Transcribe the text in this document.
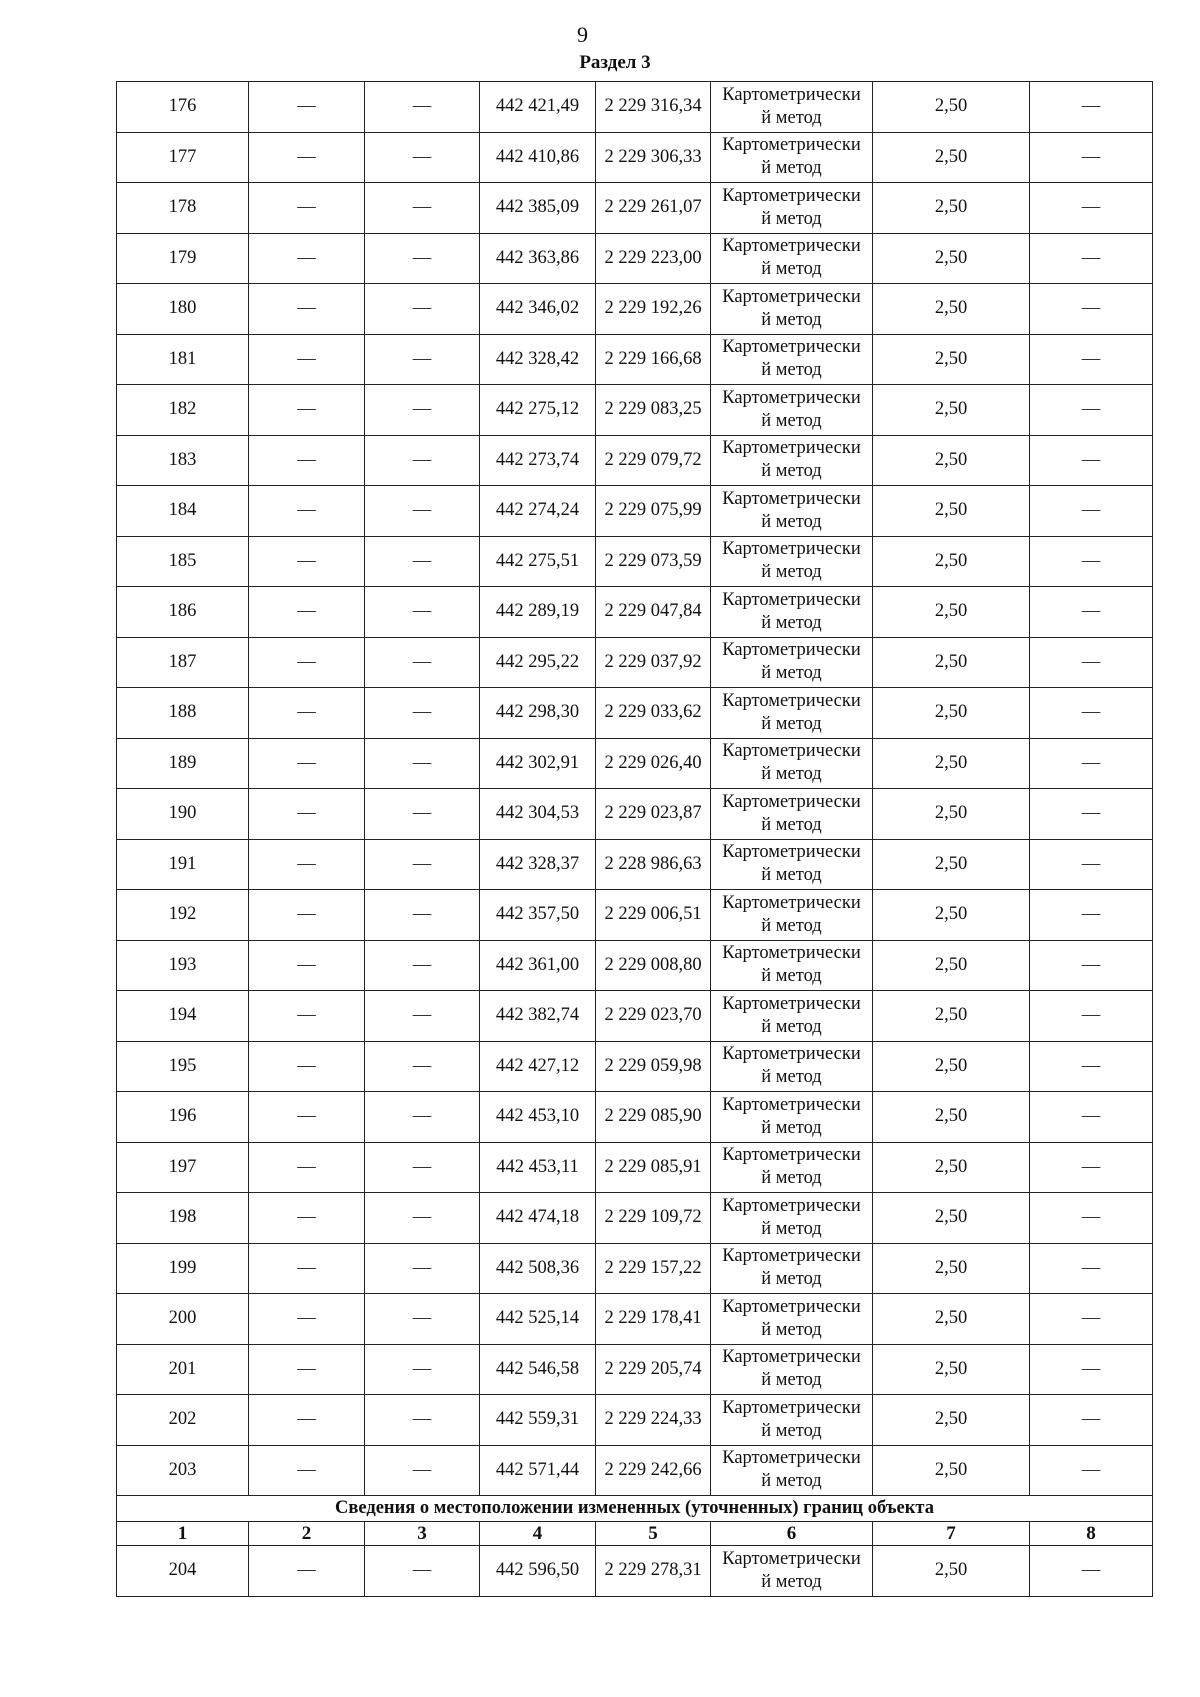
9
Раздел 3
176	—	—	442 421,49	2 229 316,34	Картометрически
й метод	2,50	—
177	—	—	442 410,86	2 229 306,33	Картометрически
й метод	2,50	—
178	—	—	442 385,09	2 229 261,07	Картометрически
й метод	2,50	—
179	—	—	442 363,86	2 229 223,00	Картометрически
й метод	2,50	—
180	—	—	442 346,02	2 229 192,26	Картометрически
й метод	2,50	—
181	—	—	442 328,42	2 229 166,68	Картометрически
й метод	2,50	—
182	—	—	442 275,12	2 229 083,25	Картометрически
й метод	2,50	—
183	—	—	442 273,74	2 229 079,72	Картометрически
й метод	2,50	—
184	—	—	442 274,24	2 229 075,99	Картометрически
й метод	2,50	—
185	—	—	442 275,51	2 229 073,59	Картометрически
й метод	2,50	—
186	—	—	442 289,19	2 229 047,84	Картометрически
й метод	2,50	—
187	—	—	442 295,22	2 229 037,92	Картометрически
й метод	2,50	—
188	—	—	442 298,30	2 229 033,62	Картометрически
й метод	2,50	—
189	—	—	442 302,91	2 229 026,40	Картометрически
й метод	2,50	—
190	—	—	442 304,53	2 229 023,87	Картометрически
й метод	2,50	—
191	—	—	442 328,37	2 228 986,63	Картометрически
й метод	2,50	—
192	—	—	442 357,50	2 229 006,51	Картометрически
й метод	2,50	—
193	—	—	442 361,00	2 229 008,80	Картометрически
й метод	2,50	—
194	—	—	442 382,74	2 229 023,70	Картометрически
й метод	2,50	—
195	—	—	442 427,12	2 229 059,98	Картометрически
й метод	2,50	—
196	—	—	442 453,10	2 229 085,90	Картометрически
й метод	2,50	—
197	—	—	442 453,11	2 229 085,91	Картометрически
й метод	2,50	—
198	—	—	442 474,18	2 229 109,72	Картометрически
й метод	2,50	—
199	—	—	442 508,36	2 229 157,22	Картометрически
й метод	2,50	—
200	—	—	442 525,14	2 229 178,41	Картометрически
й метод	2,50	—
201	—	—	442 546,58	2 229 205,74	Картометрически
й метод	2,50	—
202	—	—	442 559,31	2 229 224,33	Картометрически
й метод	2,50	—
203	—	—	442 571,44	2 229 242,66	Картометрически
й метод	2,50	—
Сведения о местоположении измененных (уточненных) границ объекта							
1	2	3	4	5	6	7	8
204	—	—	442 596,50	2 229 278,31	Картометрически
й метод	2,50	—
